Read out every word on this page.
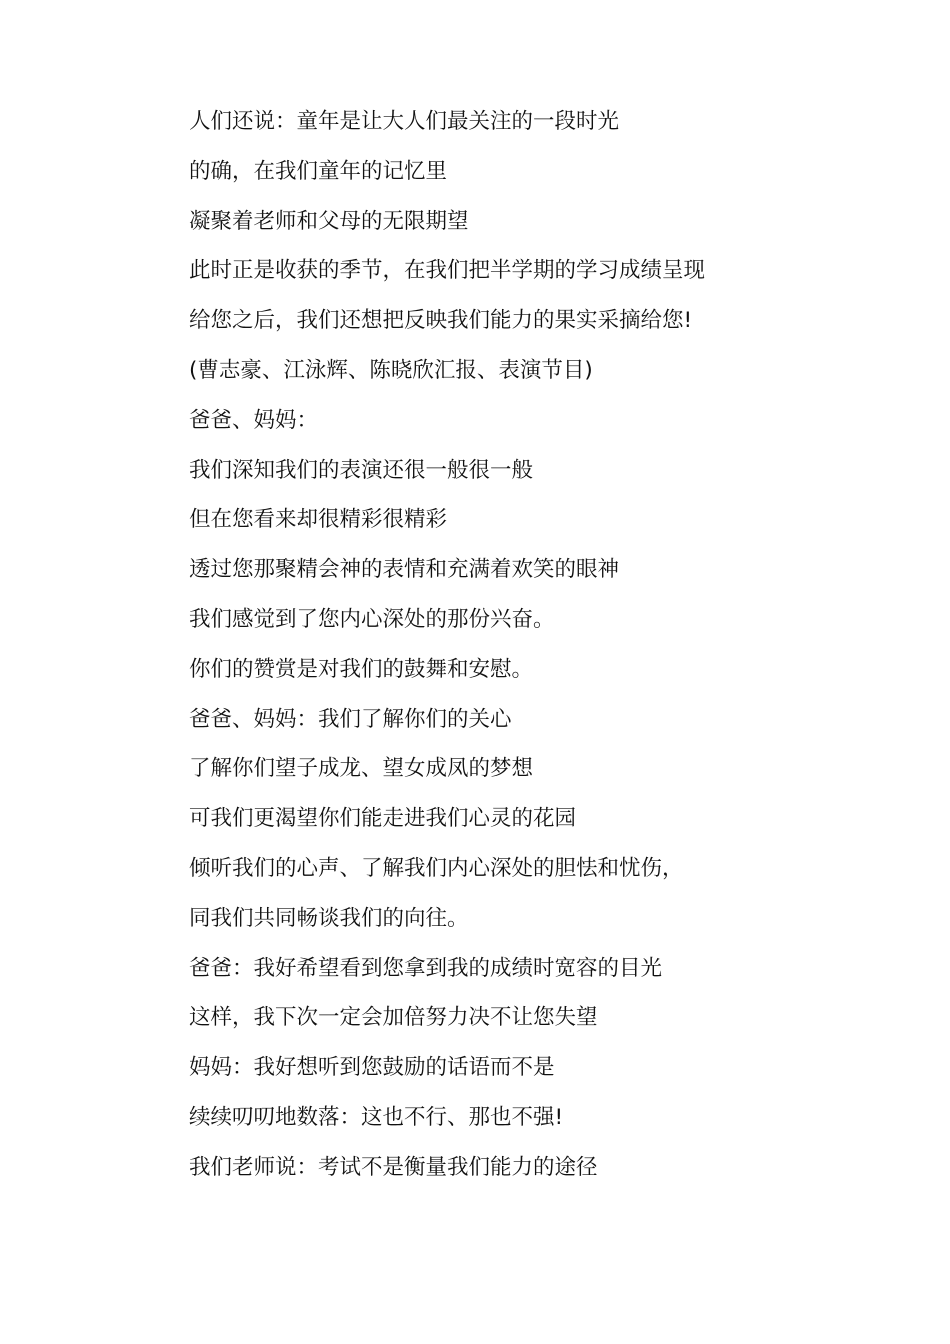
人们还说：童年是让大人们最关注的一段时光
的确，在我们童年的记忆里
凝聚着老师和父母的无限期望
此时正是收获的季节，在我们把半学期的学习成绩呈现
给您之后，我们还想把反映我们能力的果实采摘给您!
(曹志豪、江泳辉、陈晓欣汇报、表演节目)
爸爸、妈妈：
我们深知我们的表演还很一般很一般
但在您看来却很精彩很精彩
透过您那聚精会神的表情和充满着欢笑的眼神
我们感觉到了您内心深处的那份兴奋。
你们的赞赏是对我们的鼓舞和安慰。
爸爸、妈妈：我们了解你们的关心
了解你们望子成龙、望女成凤的梦想
可我们更渴望你们能走进我们心灵的花园
倾听我们的心声、了解我们内心深处的胆怯和忧伤，
同我们共同畅谈我们的向往。
爸爸：我好希望看到您拿到我的成绩时宽容的目光
这样，我下次一定会加倍努力决不让您失望
妈妈：我好想听到您鼓励的话语而不是
续续叨叨地数落：这也不行、那也不强!
我们老师说：考试不是衡量我们能力的途径
